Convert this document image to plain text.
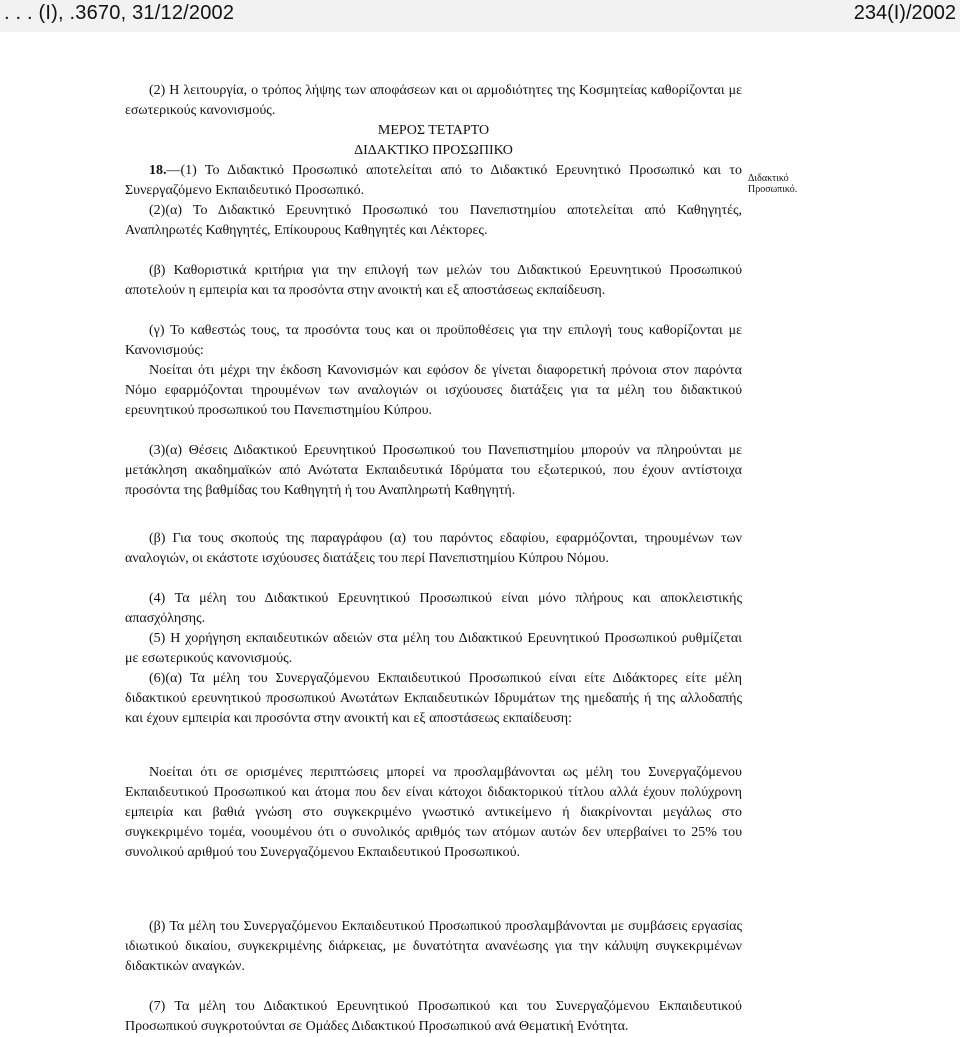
. . . (Ι), .3670, 31/12/2002	234(Ι)/2002
Διδακτικό Προσωπικό.

(2) Η λειτουργία, ο τρόπος λήψης των αποφάσεων και οι αρμοδιότητες της Κοσμητείας καθορίζονται με εσωτερικούς κανονισμούς.

ΜΕΡΟΣ ΤΕΤΑΡΤΟ

ΔΙΔΑΚΤΙΚΟ ΠΡΟΣΩΠΙΚΟ

18.—(1) Το Διδακτικό Προσωπικό αποτελείται από το Διδακτικό Ερευνητικό Προσωπικό και το Συνεργαζόμενο Εκπαιδευτικό Προσωπικό.

(2)(α) Το Διδακτικό Ερευνητικό Προσωπικό του Πανεπιστημίου αποτελείται από Καθηγητές, Αναπληρωτές Καθηγητές, Επίκουρους Καθηγητές και Λέκτορες.

(β) Καθοριστικά κριτήρια για την επιλογή των μελών του Διδακτικού Ερευνητικού Προσωπικού αποτελούν η εμπειρία και τα προσόντα στην ανοικτή και εξ αποστάσεως εκπαίδευση.

(γ) Το καθεστώς τους, τα προσόντα τους και οι προϋποθέσεις για την επιλογή τους καθορίζονται με Κανονισμούς:

Νοείται ότι μέχρι την έκδοση Κανονισμών και εφόσον δε γίνεται διαφορετική πρόνοια στον παρόντα Νόμο εφαρμόζονται τηρουμένων των αναλογιών οι ισχύουσες διατάξεις για τα μέλη του διδακτικού ερευνητικού προσωπικού του Πανεπιστημίου Κύπρου.

(3)(α) Θέσεις Διδακτικού Ερευνητικού Προσωπικού του Πανεπιστημίου μπορούν να πληρούνται με μετάκληση ακαδημαϊκών από Ανώτατα Εκπαιδευτικά Ιδρύματα του εξωτερικού, που έχουν αντίστοιχα προσόντα της βαθμίδας του Καθηγητή ή του Αναπληρωτή Καθηγητή.

(β) Για τους σκοπούς της παραγράφου (α) του παρόντος εδαφίου, εφαρμόζονται, τηρουμένων των αναλογιών, οι εκάστοτε ισχύουσες διατάξεις του περί Πανεπιστημίου Κύπρου Νόμου.

(4) Τα μέλη του Διδακτικού Ερευνητικού Προσωπικού είναι μόνο πλήρους και αποκλειστικής απασχόλησης.

(5) Η χορήγηση εκπαιδευτικών αδειών στα μέλη του Διδακτικού Ερευνητικού Προσωπικού ρυθμίζεται με εσωτερικούς κανονισμούς.

(6)(α) Τα μέλη του Συνεργαζόμενου Εκπαιδευτικού Προσωπικού είναι είτε Διδάκτορες είτε μέλη διδακτικού ερευνητικού προσωπικού Ανωτάτων Εκπαιδευτικών Ιδρυμάτων της ημεδαπής ή της αλλοδαπής και έχουν εμπειρία και προσόντα στην ανοικτή και εξ αποστάσεως εκπαίδευση:

Νοείται ότι σε ορισμένες περιπτώσεις μπορεί να προσλαμβάνονται ως μέλη του Συνεργαζόμενου Εκπαιδευτικού Προσωπικού και άτομα που δεν είναι κάτοχοι διδακτορικού τίτλου αλλά έχουν πολύχρονη εμπειρία και βαθιά γνώση στο συγκεκριμένο γνωστικό αντικείμενο ή διακρίνονται μεγάλως στο συγκεκριμένο τομέα, νοουμένου ότι ο συνολικός αριθμός των ατόμων αυτών δεν υπερβαίνει το 25% του συνολικού αριθμού του Συνεργαζόμενου Εκπαιδευτικού Προσωπικού.

(β) Τα μέλη του Συνεργαζόμενου Εκπαιδευτικού Προσωπικού προσλαμβάνονται με συμβάσεις εργασίας ιδιωτικού δικαίου, συγκεκριμένης διάρκειας, με δυνατότητα ανανέωσης για την κάλυψη συγκεκριμένων διδακτικών αναγκών.

(7) Τα μέλη του Διδακτικού Ερευνητικού Προσωπικού και του Συνεργαζόμενου Εκπαιδευτικού Προσωπικού συγκροτούνται σε Ομάδες Διδακτικού Προσωπικού ανά Θεματική Ενότητα.
